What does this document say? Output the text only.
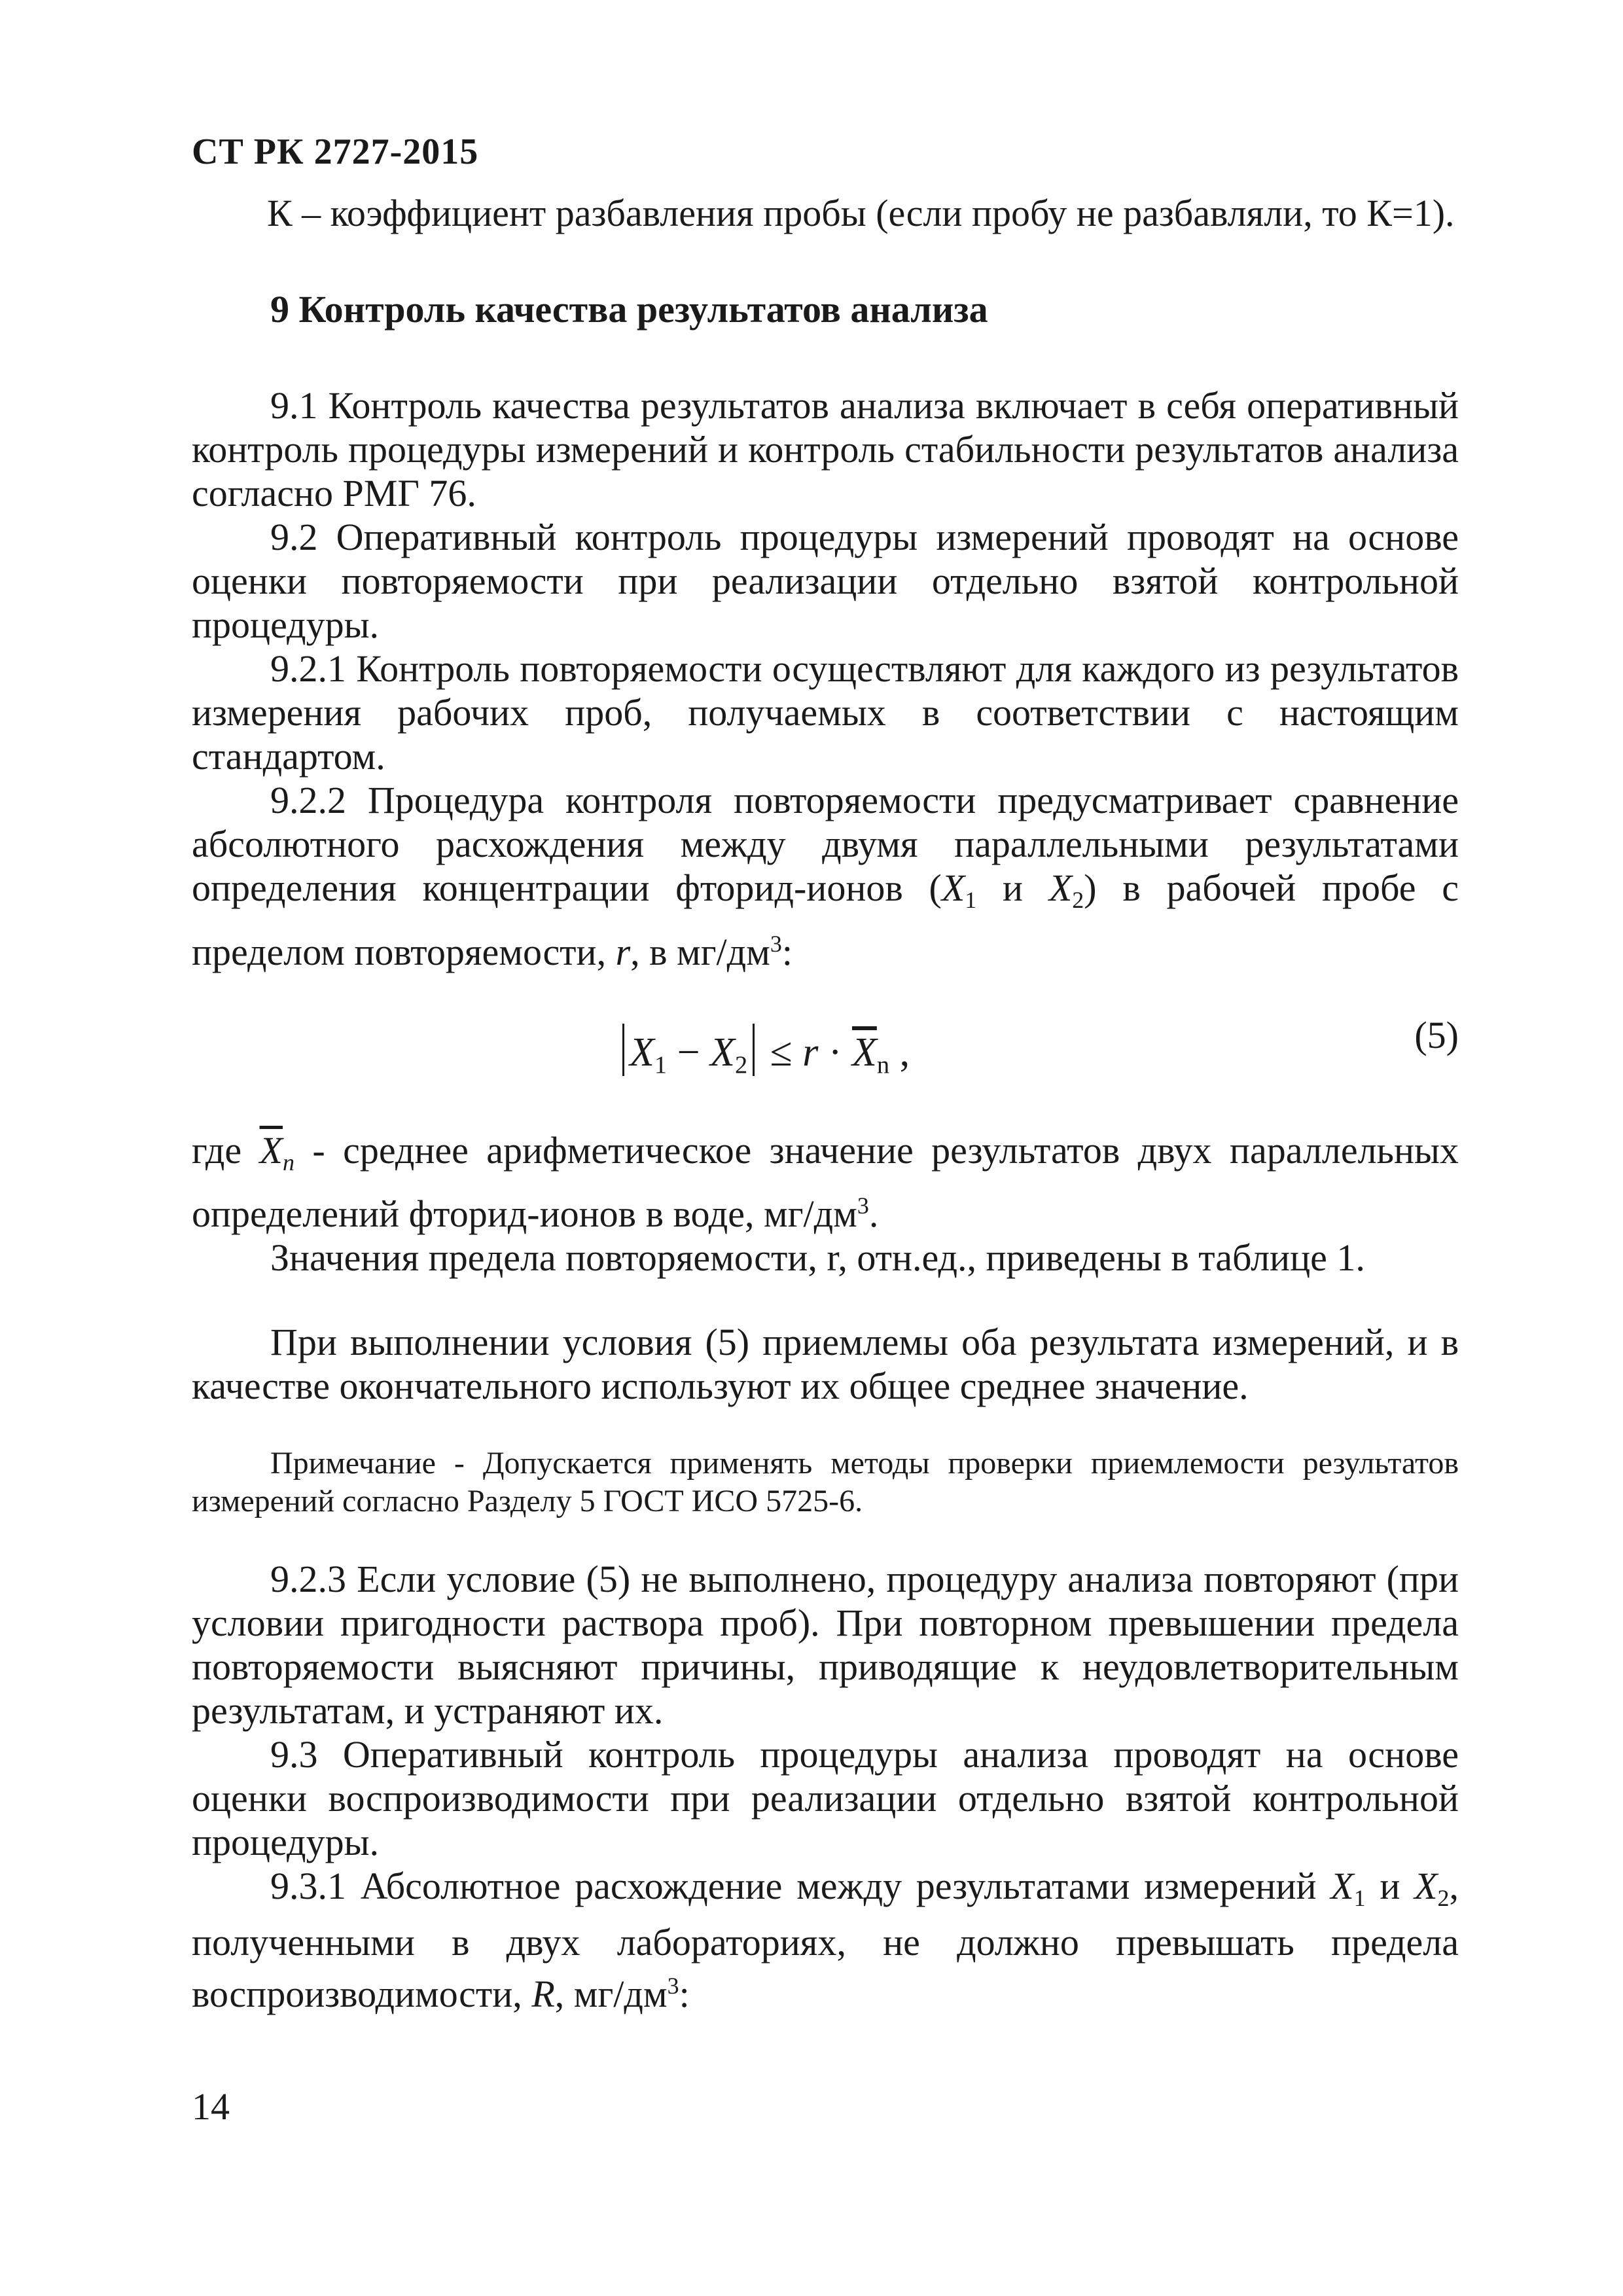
СТ РК 2727-2015

К – коэффициент разбавления пробы (если пробу не разбавляли, то К=1).

9 Контроль качества результатов анализа

9.1 Контроль качества результатов анализа включает в себя оперативный контроль процедуры измерений и контроль стабильности результатов анализа согласно РМГ 76.

9.2 Оперативный контроль процедуры измерений проводят на основе оценки повторяемости при реализации отдельно взятой контрольной процедуры.

9.2.1 Контроль повторяемости осуществляют для каждого из результатов измерения рабочих проб, получаемых в соответствии с настоящим стандартом.

9.2.2 Процедура контроля повторяемости предусматривает сравнение абсолютного расхождения между двумя параллельными результатами определения концентрации фторид-ионов ($X_1$ и $X_2$) в рабочей пробе с пределом повторяемости, r, в $мг/дм^3$:

$X_1 - X_2 \le r \cdot \overline{X}_n$ ,	(5)

где $\overline{X}_n$ - среднее арифметическое значение результатов двух параллельных определений фторид-ионов в воде, $мг/дм^3$.

Значения предела повторяемости, r, отн.ед., приведены в таблице 1.

При выполнении условия (5) приемлемы оба результата измерений, и в качестве окончательного используют их общее среднее значение.

Примечание - Допускается применять методы проверки приемлемости результатов измерений согласно Разделу 5 ГОСТ ИСО 5725-6.

9.2.3 Если условие (5) не выполнено, процедуру анализа повторяют (при условии пригодности раствора проб). При повторном превышении предела повторяемости выясняют причины, приводящие к неудовлетворительным результатам, и устраняют их.

9.3 Оперативный контроль процедуры анализа проводят на основе оценки воспроизводимости при реализации отдельно взятой контрольной процедуры.

9.3.1 Абсолютное расхождение между результатами измерений $X_1$ и $X_2$, полученными в двух лабораториях, не должно превышать предела воспроизводимости, R, $мг/дм^3$:

14
